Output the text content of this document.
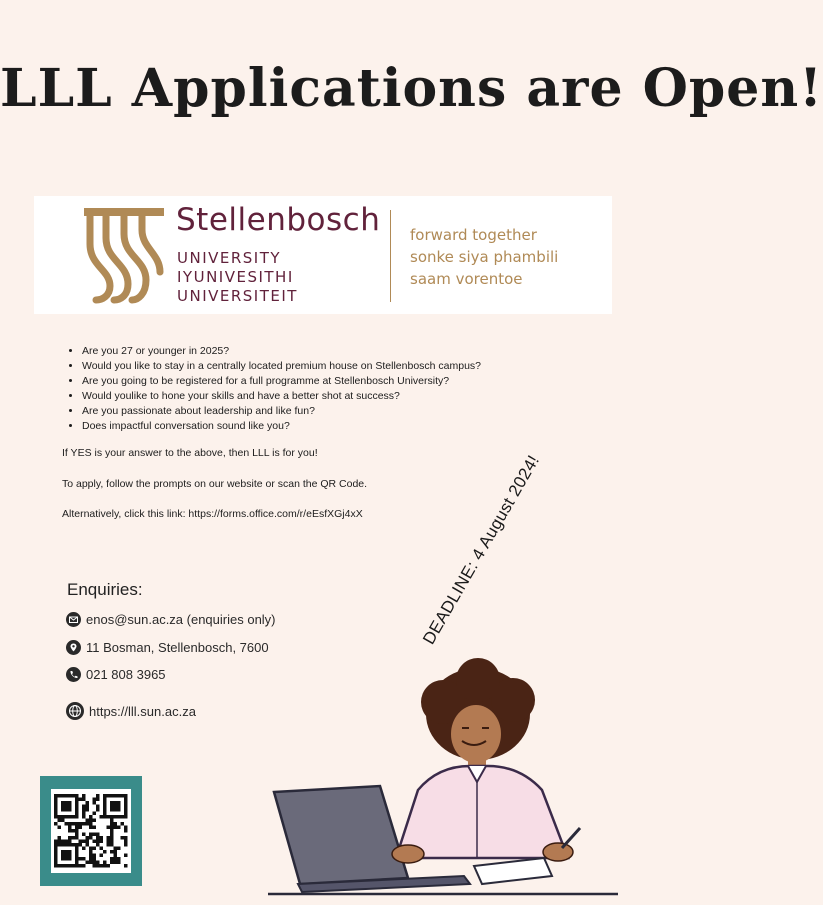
LLL Applications are Open!
Stellenbosch
UNIVERSITY
IYUNIVESITHI
UNIVERSITEIT
forward together
sonke siya phambili
saam vorentoe
• Are you 27 or younger in 2025?
• Would you like to stay in a centrally located premium house on Stellenbosch campus?
• Are you going to be registered for a full programme at Stellenbosch University?
• Would youlike to hone your skills and have a better shot at success?
• Are you passionate about leadership and like fun?
• Does impactful conversation sound like you?
If YES is your answer to the above, then LLL is for you!
To apply, follow the prompts on our website or scan the QR Code.
Alternatively, click this link: https://forms.office.com/r/eEsfXGj4xX	DEADLINE: 4 August 2024!
Enquiries:
enos@sun.ac.za (enquiries only)
11 Bosman, Stellenbosch, 7600
021 808 3965
https://lll.sun.ac.za
